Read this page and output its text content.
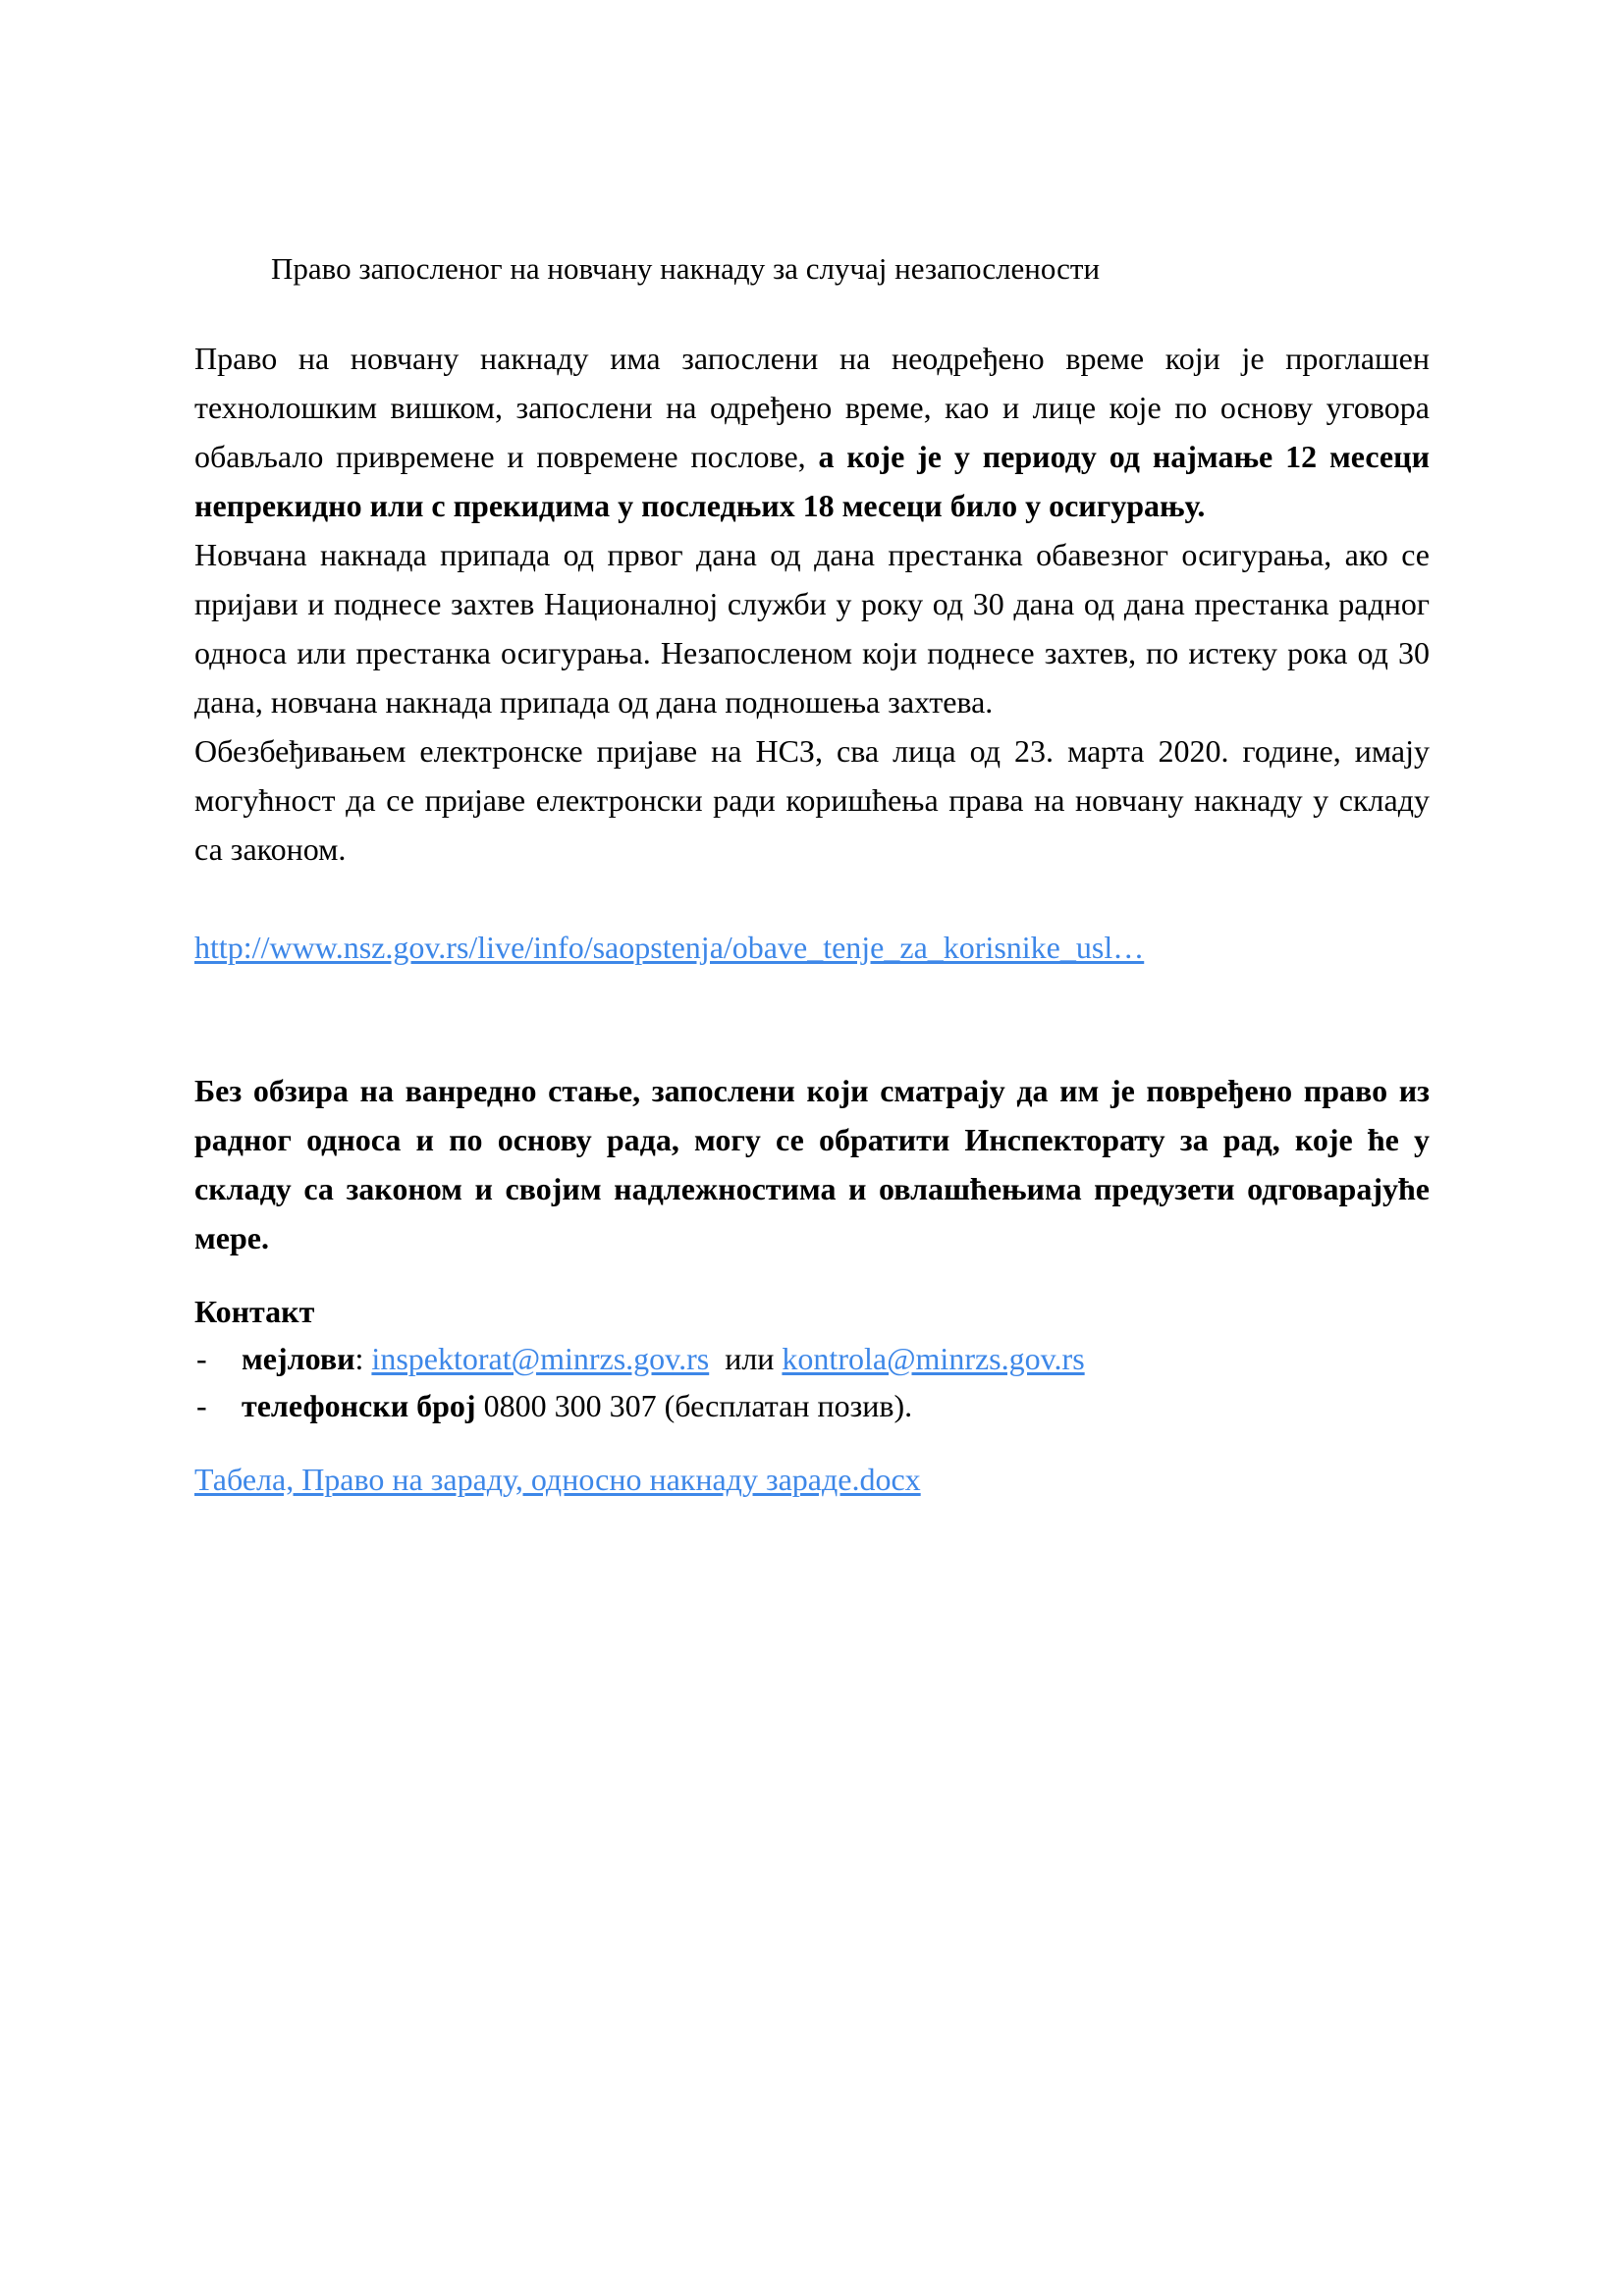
Право запосленог на новчану накнаду за случај незапослености

Право на новчану накнаду има запослени на неодређено време који је проглашен технолошким вишком, запослени на одређено време, као и лице које по основу уговора обављало привремене и повремене послове, а које је у периоду од најмање 12 месеци непрекидно или с прекидима у последњих 18 месеци било у осигурању.

Новчана накнада припада од првог дана од дана престанка обавезног осигурања, ако се пријави и поднесе захтев Националној служби у року од 30 дана од дана престанка радног односа или престанка осигурања. Незапосленом који поднесе захтев, по истеку рока од 30 дана, новчана накнада припада од дана подношења захтева.

Обезбеђивањем електронске пријаве на НСЗ, сва лица од 23. марта 2020. године, имају могућност да се пријаве електронски ради коришћења права на новчану накнаду у складу са законом.

http://www.nsz.gov.rs/live/info/saopstenja/obave_tenje_za_korisnike_usl…

Без обзира на ванредно стање, запослени који сматрају да им је повређено право из радног односа и по основу рада, могу се обратити Инспекторату за рад, које ће у складу са законом и својим надлежностима и овлашћењима предузети одговарајуће мере.

Контакт

- мејлови: inspektorat@minrzs.gov.rs или kontrola@minrzs.gov.rs
- телефонски број 0800 300 307 (бесплатан позив).

Табела, Право на зараду, односно накнаду зараде.docx
